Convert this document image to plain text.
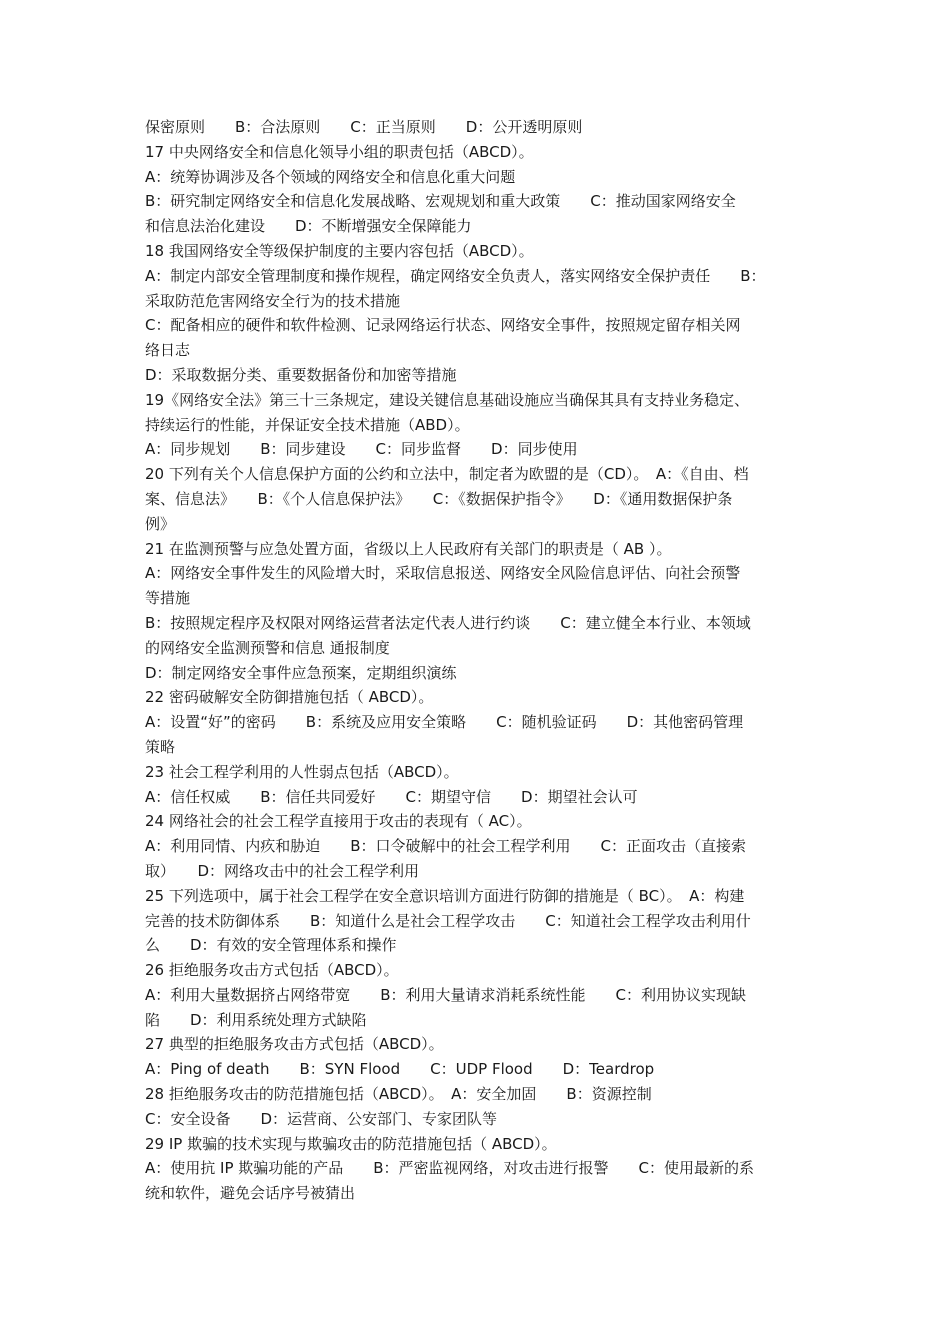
保密原则　　B：合法原则　　C：正当原则　　D：公开透明原则
17 中央网络安全和信息化领导小组的职责包括（ABCD）。
A：统筹协调涉及各个领域的网络安全和信息化重大问题
B：研究制定网络安全和信息化发展战略、宏观规划和重大政策　　C：推动国家网络安全
和信息法治化建设　　D：不断增强安全保障能力
18 我国网络安全等级保护制度的主要内容包括（ABCD）。
A：制定内部安全管理制度和操作规程，确定网络安全负责人，落实网络安全保护责任　　B：
采取防范危害网络安全行为的技术措施
C：配备相应的硬件和软件检测、记录网络运行状态、网络安全事件，按照规定留存相关网
络日志
D：采取数据分类、重要数据备份和加密等措施
19《网络安全法》第三十三条规定，建设关键信息基础设施应当确保其具有支持业务稳定、
持续运行的性能，并保证安全技术措施（ABD）。
A：同步规划　　B：同步建设　　C：同步监督　　D：同步使用
20 下列有关个人信息保护方面的公约和立法中，制定者为欧盟的是（CD）。　A：《自由、档
案、信息法》　　B：《个人信息保护法》　　C：《数据保护指令》　　D：《通用数据保护条
例》
21 在监测预警与应急处置方面，省级以上人民政府有关部门的职责是（ AB ）。
A：网络安全事件发生的风险增大时，采取信息报送、网络安全风险信息评估、向社会预警
等措施
B：按照规定程序及权限对网络运营者法定代表人进行约谈　　C：建立健全本行业、本领域
的网络安全监测预警和信息 通报制度
D：制定网络安全事件应急预案，定期组织演练
22 密码破解安全防御措施包括（ ABCD）。
A：设置“好”的密码　　B：系统及应用安全策略　　C：随机验证码　　D：其他密码管理
策略
23 社会工程学利用的人性弱点包括（ABCD）。
A：信任权威　　B：信任共同爱好　　C：期望守信　　D：期望社会认可
24 网络社会的社会工程学直接用于攻击的表现有（ AC）。
A：利用同情、内疚和胁迫　　B：口令破解中的社会工程学利用　　C：正面攻击（直接索
取）　　D：网络攻击中的社会工程学利用
25 下列选项中，属于社会工程学在安全意识培训方面进行防御的措施是（ BC）。　A：构建
完善的技术防御体系　　B：知道什么是社会工程学攻击　　C：知道社会工程学攻击利用什
么　　D：有效的安全管理体系和操作
26 拒绝服务攻击方式包括（ABCD）。
A：利用大量数据挤占网络带宽　　B：利用大量请求消耗系统性能　　C：利用协议实现缺
陷　　D：利用系统处理方式缺陷
27 典型的拒绝服务攻击方式包括（ABCD）。
A：Ping of death　　B：SYN Flood　　C：UDP Flood　　D：Teardrop
28 拒绝服务攻击的防范措施包括（ABCD）。　A：安全加固　　B：资源控制
C：安全设备　　D：运营商、公安部门、专家团队等
29 IP 欺骗的技术实现与欺骗攻击的防范措施包括（ ABCD）。
A：使用抗 IP 欺骗功能的产品　　B：严密监视网络，对攻击进行报警　　C：使用最新的系
统和软件，避免会话序号被猜出
